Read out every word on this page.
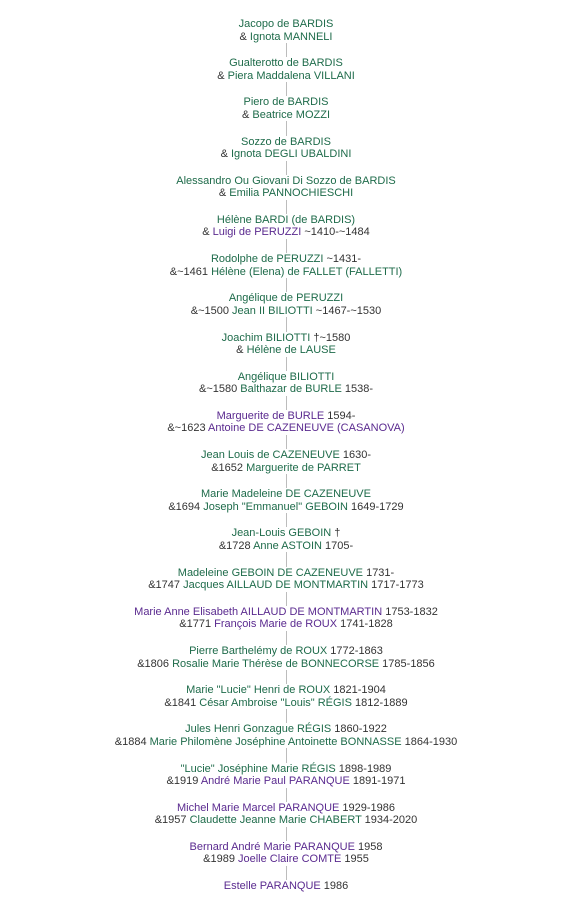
Jacopo de BARDIS
& Ignota MANNELI
Gualterotto de BARDIS
& Piera Maddalena VILLANI
Piero de BARDIS
& Beatrice MOZZI
Sozzo de BARDIS
& Ignota DEGLI UBALDINI
Alessandro Ou Giovani Di Sozzo de BARDIS
& Emilia PANNOCHIESCHI
Hélène BARDI (de BARDIS)
& Luigi de PERUZZI ~1410-~1484
Rodolphe de PERUZZI ~1431-
&~1461 Hélène (Elena) de FALLET (FALLETTI)
Angélique de PERUZZI
&~1500 Jean II BILIOTTI ~1467-~1530
Joachim BILIOTTI †~1580
& Hélène de LAUSE
Angélique BILIOTTI
&~1580 Balthazar de BURLE 1538-
Marguerite de BURLE 1594-
&~1623 Antoine DE CAZENEUVE (CASANOVA)
Jean Louis de CAZENEUVE 1630-
&1652 Marguerite de PARRET
Marie Madeleine DE CAZENEUVE
&1694 Joseph "Emmanuel" GEBOIN 1649-1729
Jean-Louis GEBOIN †
&1728 Anne ASTOIN 1705-
Madeleine GEBOIN DE CAZENEUVE 1731-
&1747 Jacques AILLAUD DE MONTMARTIN 1717-1773
Marie Anne Elisabeth AILLAUD DE MONTMARTIN 1753-1832
&1771 François Marie de ROUX 1741-1828
Pierre Barthelémy de ROUX 1772-1863
&1806 Rosalie Marie Thérèse de BONNECORSE 1785-1856
Marie "Lucie" Henri de ROUX 1821-1904
&1841 César Ambroise "Louis" RÉGIS 1812-1889
Jules Henri Gonzague RÉGIS 1860-1922
&1884 Marie Philomène Joséphine Antoinette BONNASSE 1864-1930
"Lucie" Joséphine Marie RÉGIS 1898-1989
&1919 André Marie Paul PARANQUE 1891-1971
Michel Marie Marcel PARANQUE 1929-1986
&1957 Claudette Jeanne Marie CHABERT 1934-2020
Bernard André Marie PARANQUE 1958
&1989 Joelle Claire COMTE 1955
Estelle PARANQUE 1986
